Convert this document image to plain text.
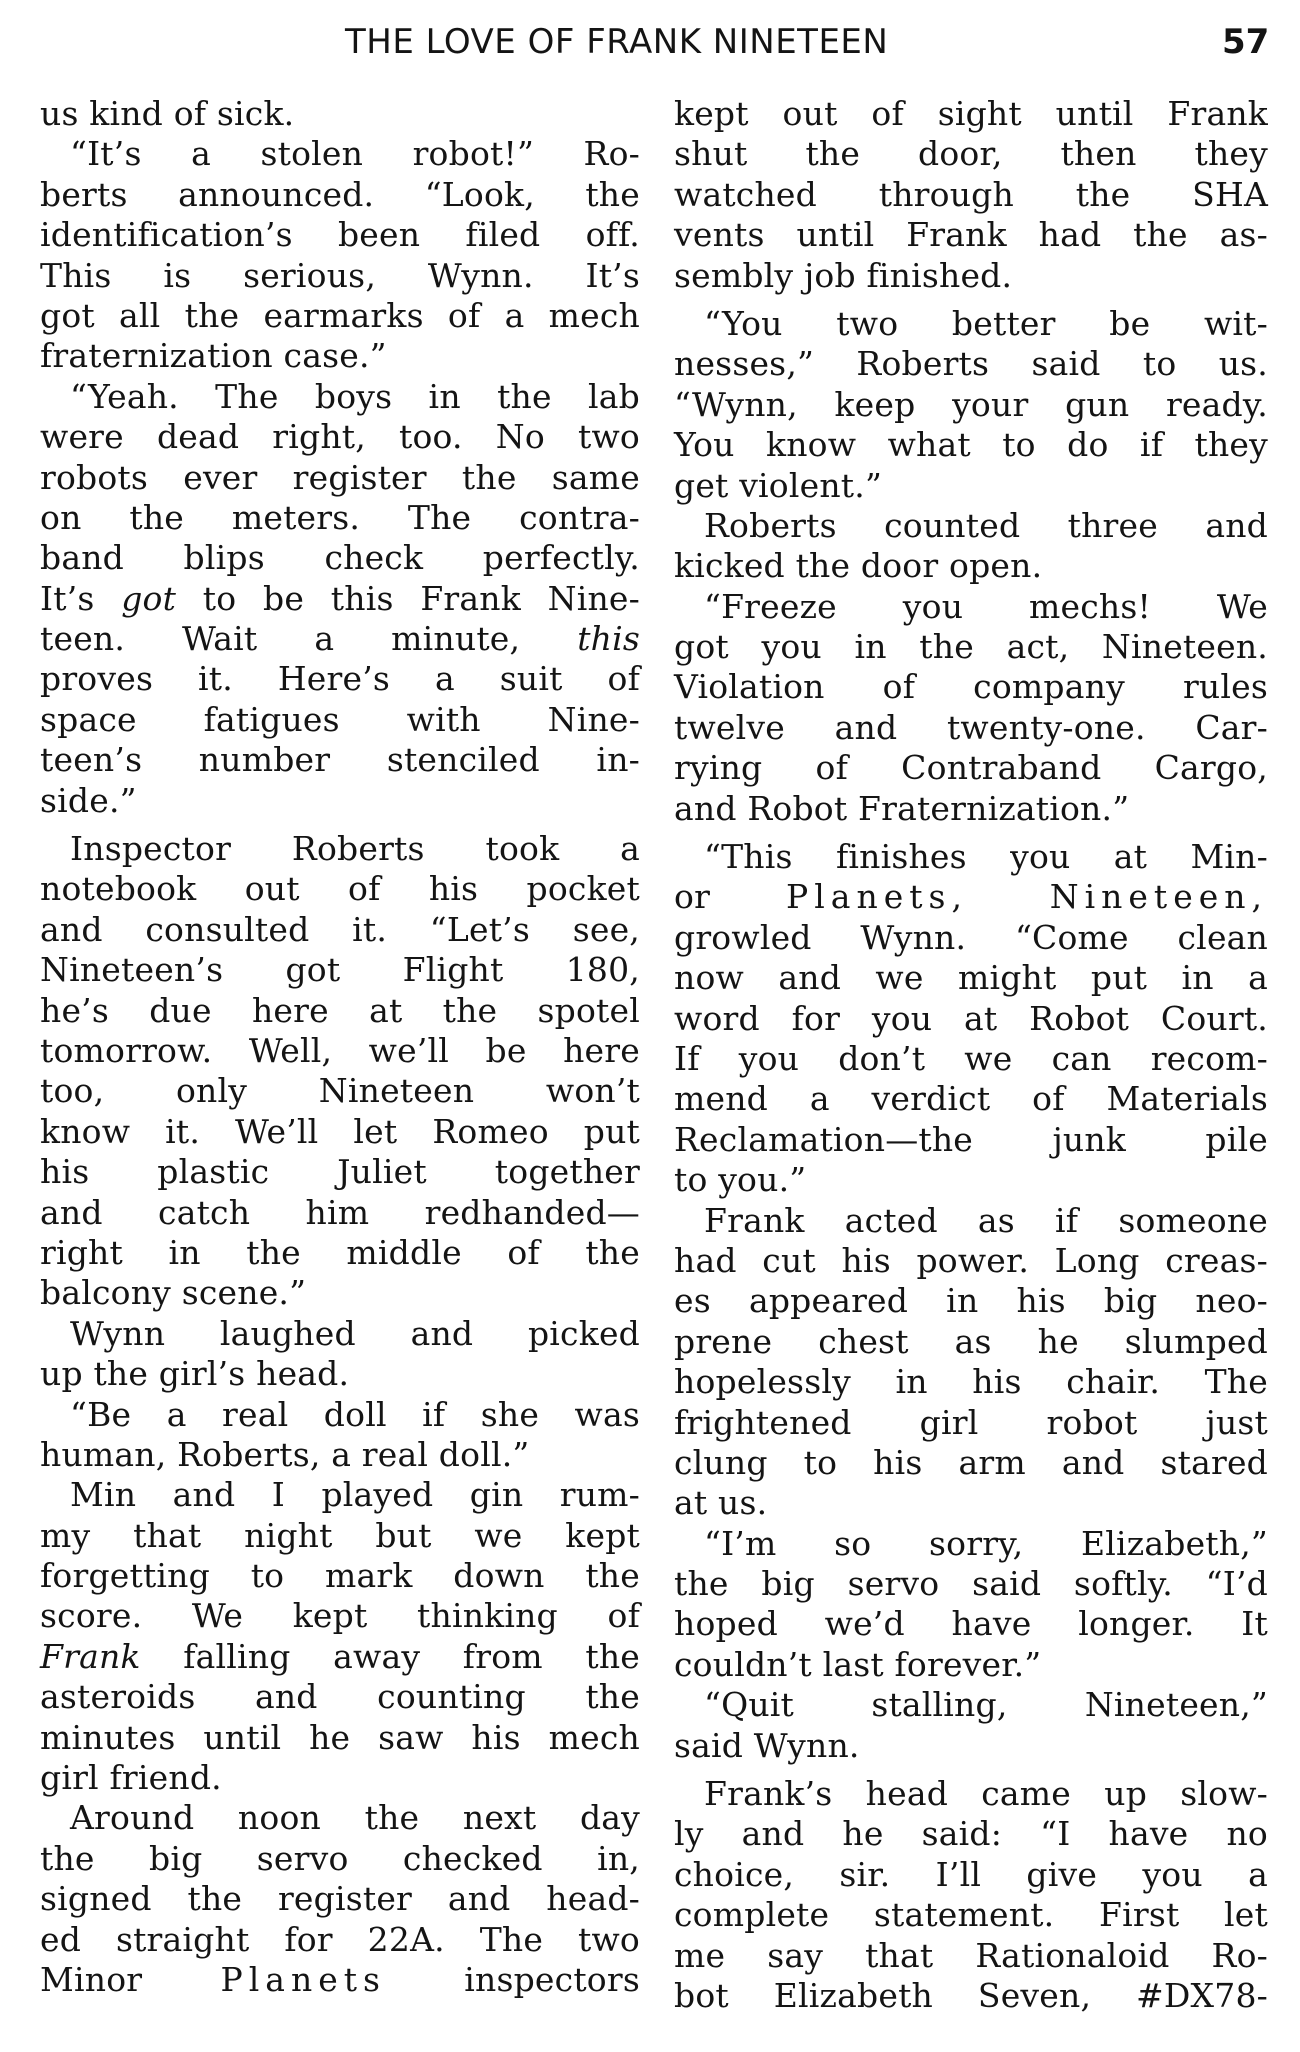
THE LOVE OF FRANK NINETEEN	57
us kind of sick.
“It’s a stolen robot!” Ro-
berts announced. “Look, the
identification’s been filed off.
This is serious, Wynn. It’s
got all the earmarks of a mech
fraternization case.”
“Yeah. The boys in the lab
were dead right, too. No two
robots ever register the same
on the meters. The contra-
band blips check perfectly.
It’s got to be this Frank Nine-
teen. Wait a minute, this
proves it. Here’s a suit of
space fatigues with Nine-
teen’s number stenciled in-
side.”
Inspector Roberts took a
notebook out of his pocket
and consulted it. “Let’s see,
Nineteen’s got Flight 180,
he’s due here at the spotel
tomorrow. Well, we’ll be here
too, only Nineteen won’t
know it. We’ll let Romeo put
his plastic Juliet together
and catch him redhanded—
right in the middle of the
balcony scene.”
Wynn laughed and picked
up the girl’s head.
“Be a real doll if she was
human, Roberts, a real doll.”
Min and I played gin rum-
my that night but we kept
forgetting to mark down the
score. We kept thinking of
Frank falling away from the
asteroids and counting the
minutes until he saw his mech
girl friend.
Around noon the next day
the big servo checked in,
signed the register and head-
ed straight for 22A. The two
Minor Planets inspectors
kept out of sight until Frank
shut the door, then they
watched through the SHA
vents until Frank had the as-
sembly job finished.
“You two better be wit-
nesses,” Roberts said to us.
“Wynn, keep your gun ready.
You know what to do if they
get violent.”
Roberts counted three and
kicked the door open.
“Freeze you mechs! We
got you in the act, Nineteen.
Violation of company rules
twelve and twenty-one. Car-
rying of Contraband Cargo,
and Robot Fraternization.”
“This finishes you at Min-
or Planets, Nineteen,
growled Wynn. “Come clean
now and we might put in a
word for you at Robot Court.
If you don’t we can recom-
mend a verdict of Materials
Reclamation—the junk pile
to you.”
Frank acted as if someone
had cut his power. Long creas-
es appeared in his big neo-
prene chest as he slumped
hopelessly in his chair. The
frightened girl robot just
clung to his arm and stared
at us.
“I’m so sorry, Elizabeth,”
the big servo said softly. “I’d
hoped we’d have longer. It
couldn’t last forever.”
“Quit stalling, Nineteen,”
said Wynn.
Frank’s head came up slow-
ly and he said: “I have no
choice, sir. I’ll give you a
complete statement. First let
me say that Rationaloid Ro-
bot Elizabeth Seven, #DX78-
